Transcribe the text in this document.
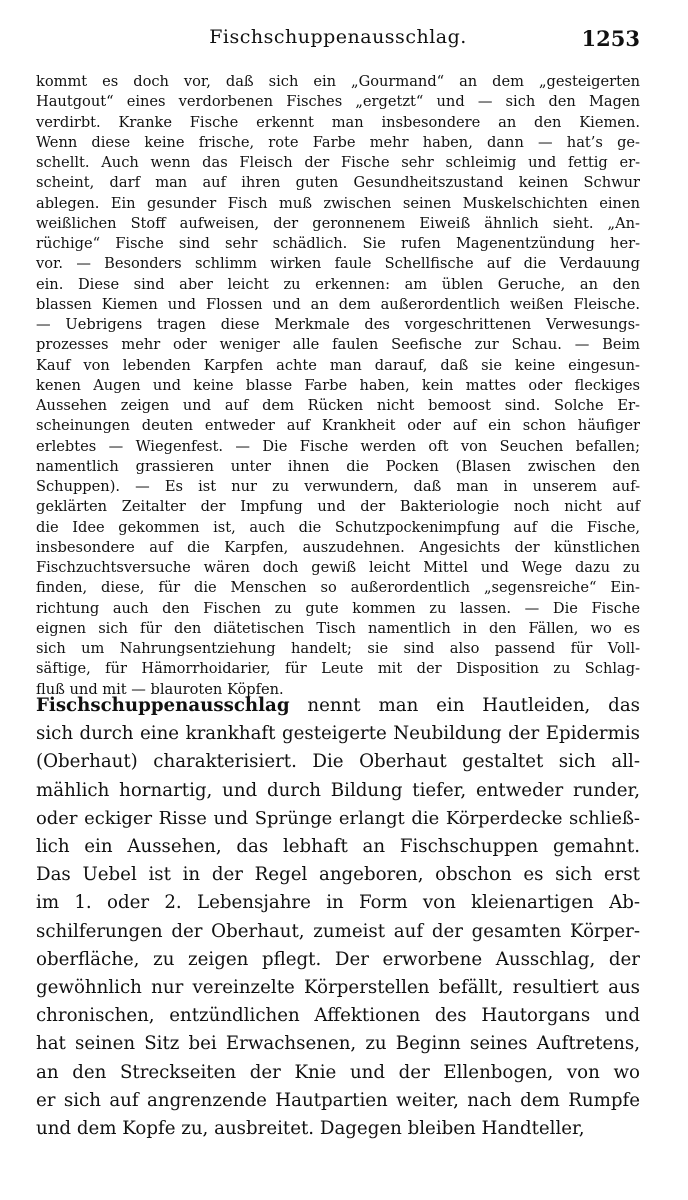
Fischschuppenausschlag.	1253
kommt es doch vor, daß sich ein „Gourmand“ an dem „gesteigerten
Hautgout“ eines verdorbenen Fisches „ergetzt“ und — sich den Magen
verdirbt. Kranke Fische erkennt man insbesondere an den Kiemen.
Wenn diese keine frische, rote Farbe mehr haben, dann — hat’s ge-
schellt. Auch wenn das Fleisch der Fische sehr schleimig und fettig er-
scheint, darf man auf ihren guten Gesundheitszustand keinen Schwur
ablegen. Ein gesunder Fisch muß zwischen seinen Muskelschichten einen
weißlichen Stoff aufweisen, der geronnenem Eiweiß ähnlich sieht. „An-
rüchige“ Fische sind sehr schädlich. Sie rufen Magenentzündung her-
vor. — Besonders schlimm wirken faule Schellfische auf die Verdauung
ein. Diese sind aber leicht zu erkennen: am üblen Geruche, an den
blassen Kiemen und Flossen und an dem außerordentlich weißen Fleische.
— Uebrigens tragen diese Merkmale des vorgeschrittenen Verwesungs-
prozesses mehr oder weniger alle faulen Seefische zur Schau. — Beim
Kauf von lebenden Karpfen achte man darauf, daß sie keine eingesun-
kenen Augen und keine blasse Farbe haben, kein mattes oder fleckiges
Aussehen zeigen und auf dem Rücken nicht bemoost sind. Solche Er-
scheinungen deuten entweder auf Krankheit oder auf ein schon häufiger
erlebtes — Wiegenfest. — Die Fische werden oft von Seuchen befallen;
namentlich grassieren unter ihnen die Pocken (Blasen zwischen den
Schuppen). — Es ist nur zu verwundern, daß man in unserem auf-
geklärten Zeitalter der Impfung und der Bakteriologie noch nicht auf
die Idee gekommen ist, auch die Schutzpockenimpfung auf die Fische,
insbesondere auf die Karpfen, auszudehnen. Angesichts der künstlichen
Fischzuchtsversuche wären doch gewiß leicht Mittel und Wege dazu zu
finden, diese, für die Menschen so außerordentlich „segensreiche“ Ein-
richtung auch den Fischen zu gute kommen zu lassen. — Die Fische
eignen sich für den diätetischen Tisch namentlich in den Fällen, wo es
sich um Nahrungsentziehung handelt; sie sind also passend für Voll-
säftige, für Hämorrhoidarier, für Leute mit der Disposition zu Schlag-
fluß und mit — blauroten Köpfen.
Fischschuppenausschlag nennt man ein Hautleiden, das
sich durch eine krankhaft gesteigerte Neubildung der Epidermis
(Oberhaut) charakterisiert. Die Oberhaut gestaltet sich all-
mählich hornartig, und durch Bildung tiefer, entweder runder,
oder eckiger Risse und Sprünge erlangt die Körperdecke schließ-
lich ein Aussehen, das lebhaft an Fischschuppen gemahnt.
Das Uebel ist in der Regel angeboren, obschon es sich erst
im 1. oder 2. Lebensjahre in Form von kleienartigen Ab-
schilferungen der Oberhaut, zumeist auf der gesamten Körper-
oberfläche, zu zeigen pflegt. Der erworbene Ausschlag, der
gewöhnlich nur vereinzelte Körperstellen befällt, resultiert aus
chronischen, entzündlichen Affektionen des Hautorgans und
hat seinen Sitz bei Erwachsenen, zu Beginn seines Auftretens,
an den Streckseiten der Knie und der Ellenbogen, von wo
er sich auf angrenzende Hautpartien weiter, nach dem Rumpfe
und dem Kopfe zu, ausbreitet. Dagegen bleiben Handteller,
